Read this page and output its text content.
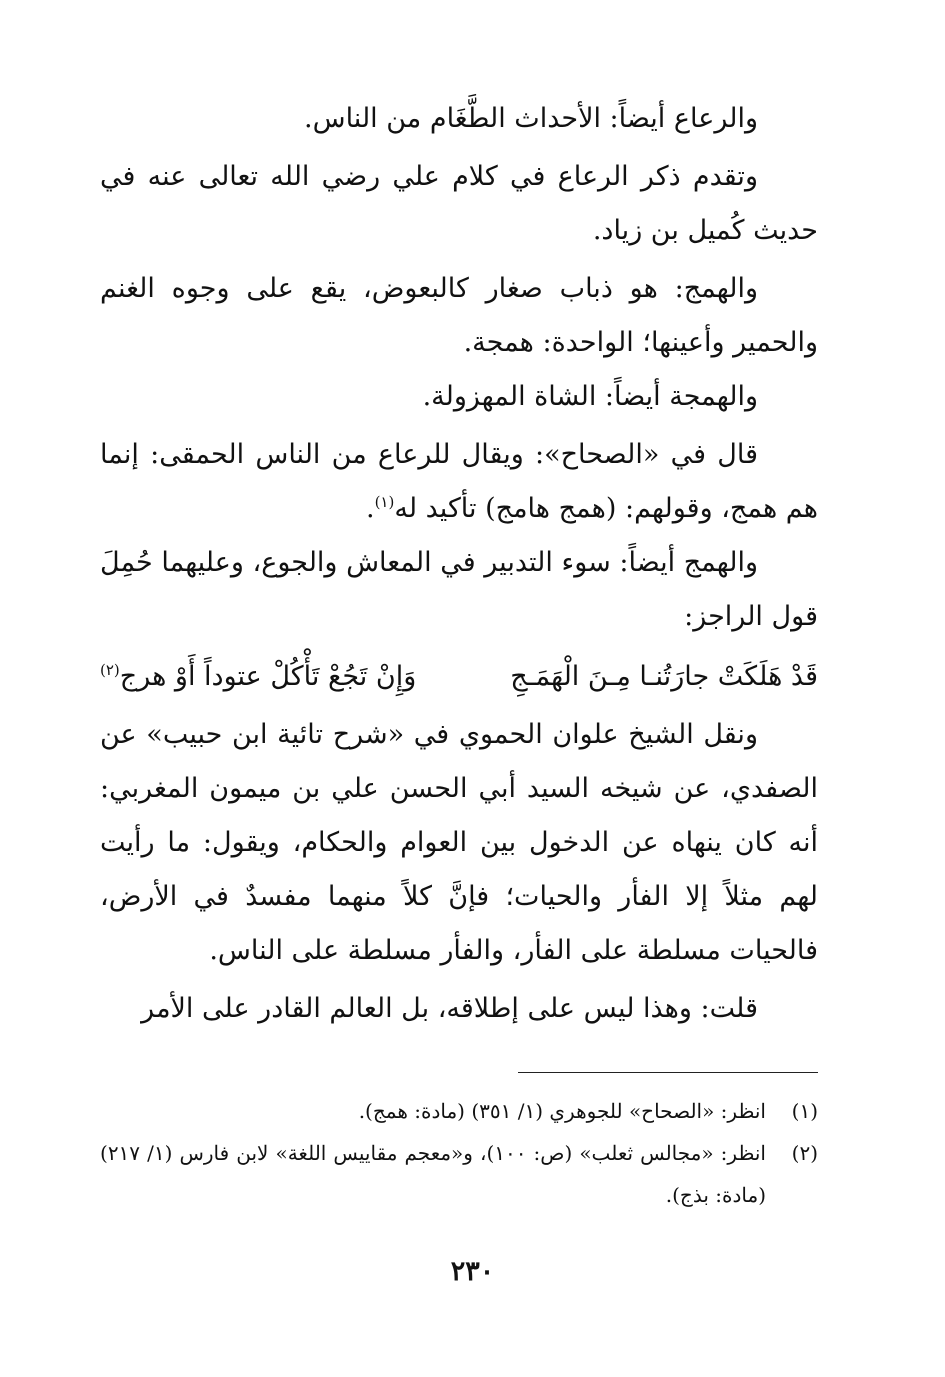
والرعاع أيضاً: الأحداث الطَّغَام من الناس.

وتقدم ذكر الرعاع في كلام علي رضي الله تعالى عنه في حديث كُميل بن زياد.

والهمج: هو ذباب صغار كالبعوض، يقع على وجوه الغنم والحمير وأعينها؛ الواحدة: همجة.

والهمجة أيضاً: الشاة المهزولة.

قال في «الصحاح»: ويقال للرعاع من الناس الحمقى: إنما هم همج، وقولهم: (همج هامج) تأكيد له$^{(١)}$.

والهمج أيضاً: سوء التدبير في المعاش والجوع، وعليهما حُمِلَ قول الراجز:

قَدْ هَلَكَتْ جارَتُنـا مِـنَ الْهَمَـجِ
وَإِنْ تَجُعْ تَأْكُلْ عتوداً أَوْ هرج$^{(٢)}$

ونقل الشيخ علوان الحموي في «شرح تائية ابن حبيب» عن الصفدي، عن شيخه السيد أبي الحسن علي بن ميمون المغربي: أنه كان ينهاه عن الدخول بين العوام والحكام، ويقول: ما رأيت لهم مثلاً إلا الفأر والحيات؛ فإنَّ كلاً منهما مفسدٌ في الأرض، فالحيات مسلطة على الفأر، والفأر مسلطة على الناس.

قلت: وهذا ليس على إطلاقه، بل العالم القادر على الأمر

(١)
انظر: «الصحاح» للجوهري (١/ ٣٥١) (مادة: همج).
(٢)
انظر: «مجالس ثعلب» (ص: ١٠٠)، و«معجم مقاييس اللغة» لابن فارس (١/ ٢١٧) (مادة: بذج).
٢٣٠
